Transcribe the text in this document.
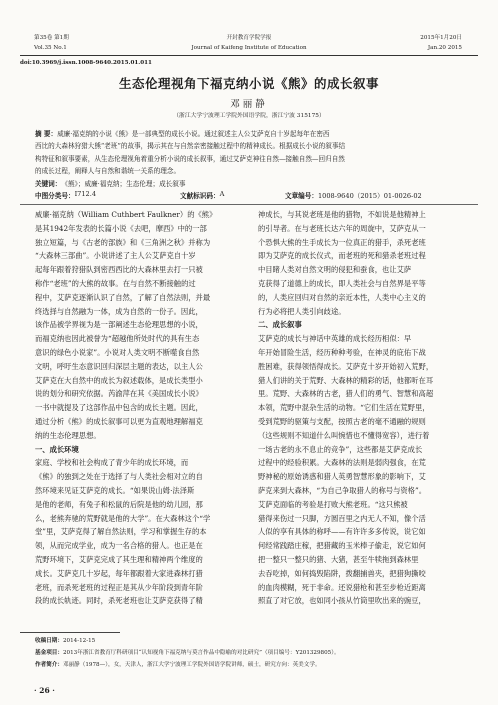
第35卷 第1期	开封教育学院学报	2015年1月20日
Vol.35 No.1	Journal of Kaifeng Institute of Education	Jan.20 2015
doi:10.3969/j.issn.1008-9640.2015.01.011
生态伦理视角下福克纳小说《熊》的成长叙事
邓丽静
（浙江大学宁波理工学院外国语学院，浙江宁波 315175）
摘 要：威廉·福克纳的小说《熊》是一部典型的成长小说。通过叙述主人公艾萨克自十岁起每年在密西
西比的大森林狩猎大熊“老班”的故事，揭示其在与自然亲密接触过程中的精神成长。根据成长小说的叙事结
构特征和叙事要素，从生态伦理视角着重分析小说的成长叙事，通过艾萨克神往自然—接触自然—回归自然
的成长过程，阐释人与自然和谐统一关系的理念。
关键词： 《熊》；威廉·福克纳；生态伦理；成长叙事
中图分类号： I712.4	文献标识码： A	文章编号： 1008-9640（2015）01-0026-02
威廉·福克纳（William Cuthbert Faulkner）的《熊》
是其1942年发表的长篇小说《去吧，摩西》中的一部
独立短篇，与《古老的部族》和《三角洲之秋》并称为
“大森林三部曲”。小说讲述了主人公艾萨克自十岁
起每年跟着狩猎队到密西西比的大森林里去打一只被
称作“老班”的大熊的故事。在与自然不断接触的过
程中，艾萨克逐渐认识了自然，了解了自然法则，并最
终选择与自然融为一体，成为自然的一份子。因此，
该作品被学界视为是一部阐述生态伦理思想的小说，
而福克纳也因此被誉为“超越他所处时代的具有生态
意识的绿色小说家”。小说对人类文明不断噬食自然
文明，呼吁生态意识回归深层主题的表达，以主人公
艾萨克在大自然中的成长为叙述载体，是成长类型小
说的划分和研究依据。芮渝萍在其《美国成长小说》
一书中就提及了这部作品中包含的成长主题。因此，
通过分析《熊》的成长叙事可以更为直观地理解福克
纳的生态伦理思想。
一、成长环境
家庭、学校和社会构成了青少年的成长环境，而
《熊》的独到之处在于选择了与人类社会相对立的自
然环境来见证艾萨克的成长。“如果说山姆·法泽斯
是他的老师，有兔子和松鼠的后院是他的幼儿园，那
么，老熊奔驰的荒野就是他的大学”。在大森林这个“学
堂”里，艾萨克得了解自然法则，学习和掌握生存的本
领，从而完成学业，成为一名合格的猎人。也正是在
荒野环境下，艾萨克完成了其生理和精神两个维度的
成长。艾萨克几十岁起，每年都跟着大家进森林打猎
老班，而杀死老班的过程正是其从少年阶段到青年阶
段的成长轨迹。同时，杀死老班也让艾萨克获得了精
神成长，与其说老班是他的猎物，不如说是他精神上
的引导者。在与老班长达六年的周旋中，艾萨克从一
个恐惧大熊的生手成长为一位真正的猎手，杀死老班
即为艾萨克的成长仪式，而老班的死和猎杀老班过程
中目睹人类对自然文明的侵犯和蚕食，也让艾萨
克获得了道德上的成长，即人类社会与自然界是平等
的，人类应回归对自然的亲近本性，人类中心主义的
行为必将把人类引向歧途。
二、成长叙事
艾萨克的成长与神话中英雄的成长经历相似：早
年开始冒险生活，经历种种考验，在神灵的庇佑下战
胜困难，获得领悟得成长。艾萨克十岁开始初入荒野，
猎人们讲的关于荒野、大森林的精彩的话，他都听在耳
里。荒野、大森林的古老，猎人们的勇气、智慧和高超
本领，荒野中混杂生活的动物。“它们生活在荒野里，
受到荒野的驱策与支配，按照古老的毫不通融的规则
（这些规则不知道什么叫惋惜也不懂得宽容），进行着
一场古老的永不息止的竞争”，这些都是艾萨克成长
过程中的经验积累。大森林的法则是弱肉强食，在荒
野神秘的原始诱惑和猎人英勇智慧形象的影响下，艾
萨克来到大森林，“为自己争取猎人的称号与资格”。
艾萨克面临的考验是打败大熊老班。“这只熊被
猎得来伤过一只脚，方圆百里之内无人不知，像个活
人似的享有具体的称呼——有许许多多传说，说它如
何经常践踏庄稼，把猎藏的玉米棒子偷走，说它如何
把一整只一整只的猪、大猪，甚至牛犊拖到森林里
去吞吃掉，如何捣毁陷阱，拨翻捕兽夹，把猎狗撕咬
的血肉模糊，死于非命。还说猎枪和甚至步枪近距离
照直了对它放，也如同小孩从竹筒里吹出来的豌豆，
收稿日期：2014-12-15
基金项目：2013年浙江省教育厅科研项目“认知视角下福克纳与莫言作品中隐喻的对比研究”（项目编号：Y201329805）。
作者简介：邓丽静（1978—），女，天津人，浙江大学宁波理工学院外国语学院讲师，硕士，研究方向：英美文学。
· 26 ·
